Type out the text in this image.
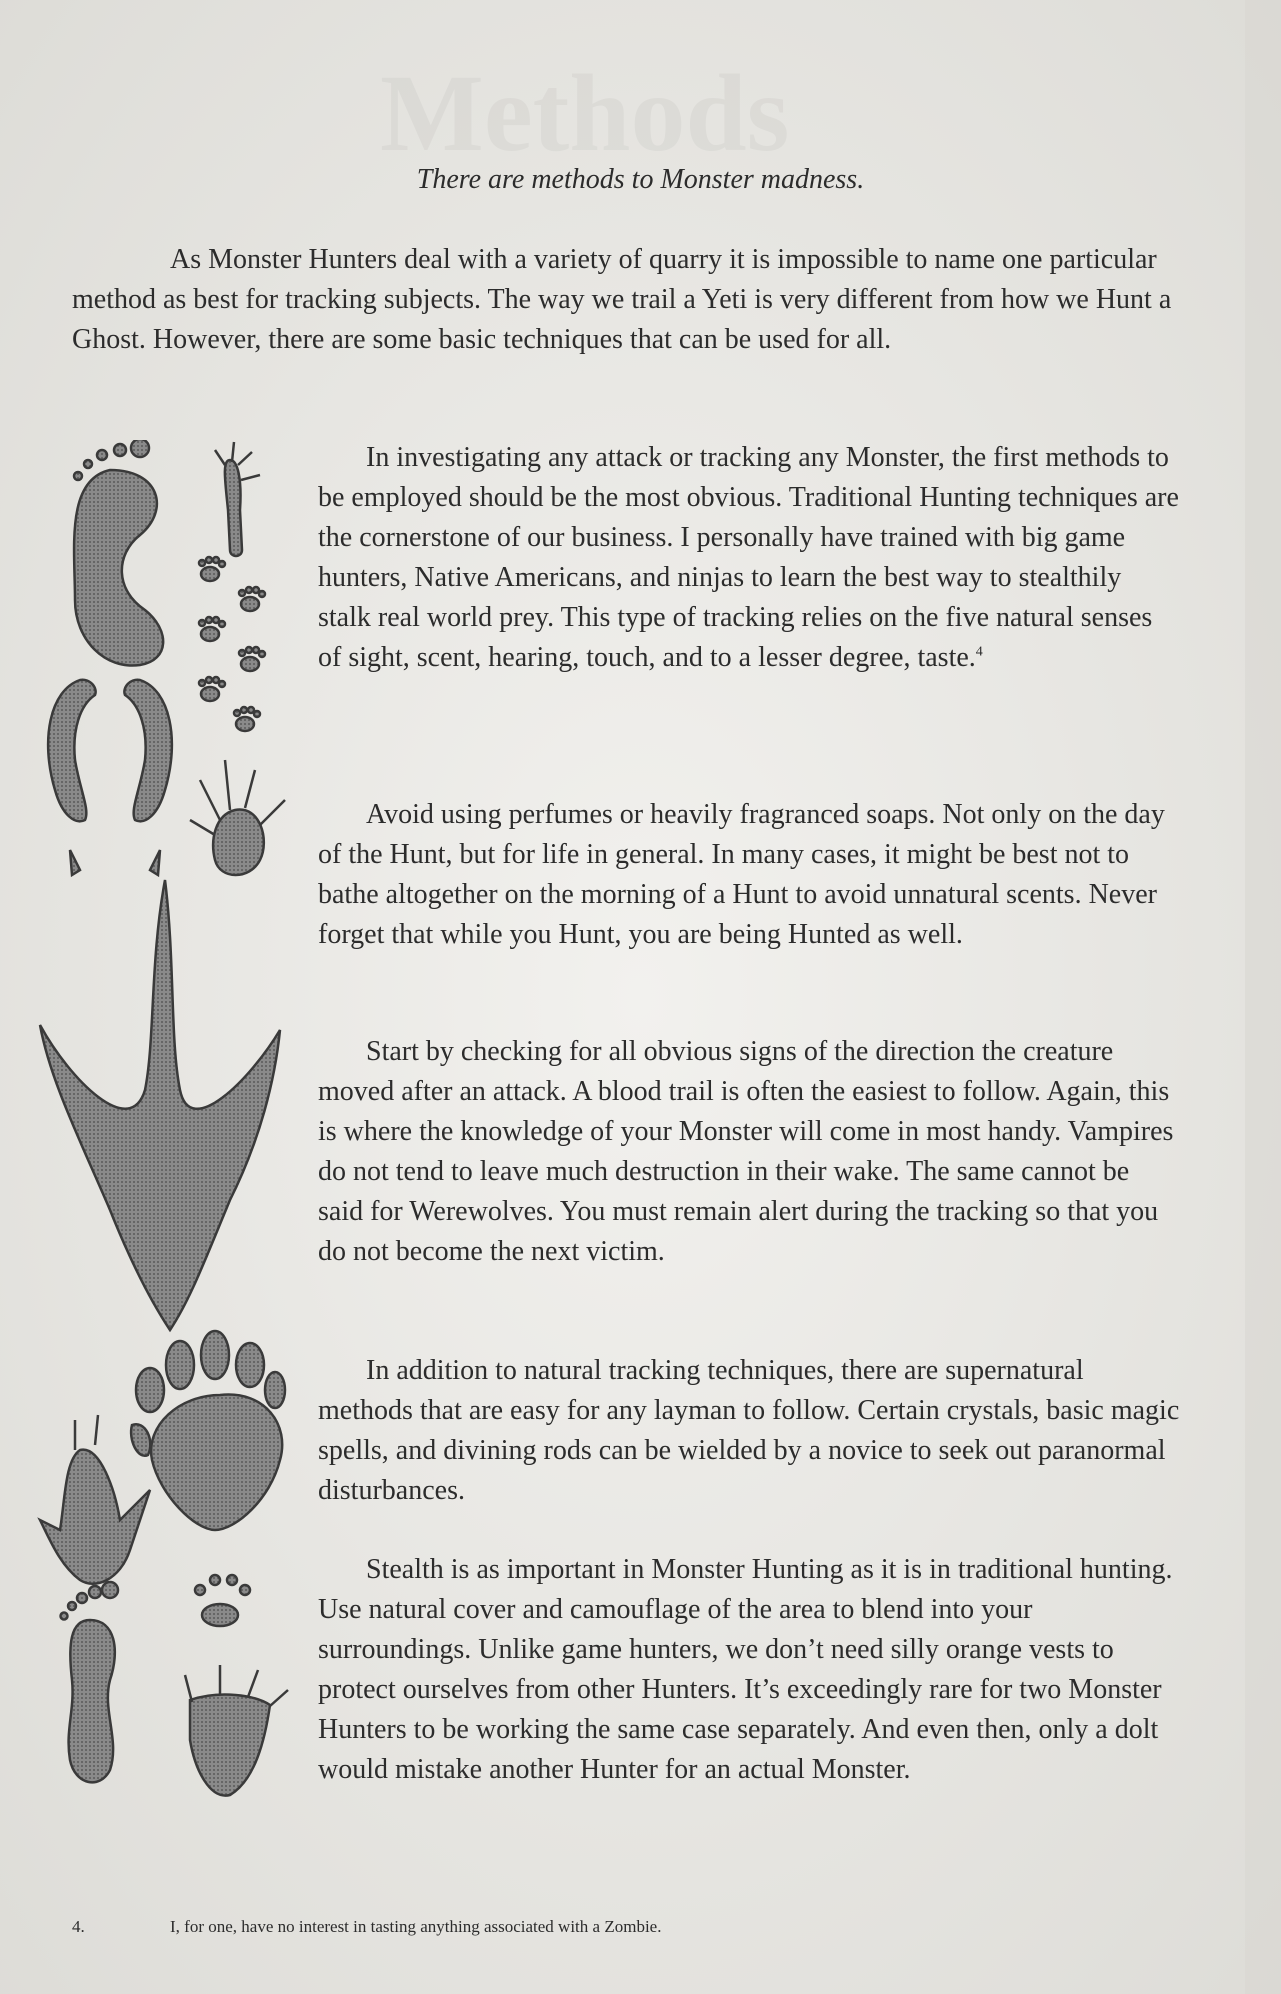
There are methods to Monster madness.

As Monster Hunters deal with a variety of quarry it is impossible to name one particular method as best for tracking subjects. The way we trail a Yeti is very different from how we Hunt a Ghost. However, there are some basic techniques that can be used for all.

In investigating any attack or tracking any Monster, the first methods to be employed should be the most obvious. Traditional Hunting techniques are the cornerstone of our business. I personally have trained with big game hunters, Native Americans, and ninjas to learn the best way to stealthily stalk real world prey. This type of tracking relies on the five natural senses of sight, scent, hearing, touch, and to a lesser degree, taste.$^4$

Avoid using perfumes or heavily fragranced soaps. Not only on the day of the Hunt, but for life in general. In many cases, it might be best not to bathe altogether on the morning of a Hunt to avoid unnatural scents. Never forget that while you Hunt, you are being Hunted as well.

Start by checking for all obvious signs of the direction the creature moved after an attack. A blood trail is often the easiest to follow. Again, this is where the knowledge of your Monster will come in most handy. Vampires do not tend to leave much destruction in their wake. The same cannot be said for Werewolves. You must remain alert during the tracking so that you do not become the next victim.

In addition to natural tracking techniques, there are supernatural methods that are easy for any layman to follow. Certain crystals, basic magic spells, and divining rods can be wielded by a novice to seek out paranormal disturbances.

Stealth is as important in Monster Hunting as it is in traditional hunting. Use natural cover and camouflage of the area to blend into your surroundings. Unlike game hunters, we don’t need silly orange vests to protect ourselves from other Hunters. It’s exceedingly rare for two Monster Hunters to be working the same case separately. And even then, only a dolt would mistake another Hunter for an actual Monster.

4.	I, for one, have no interest in tasting anything associated with a Zombie.
